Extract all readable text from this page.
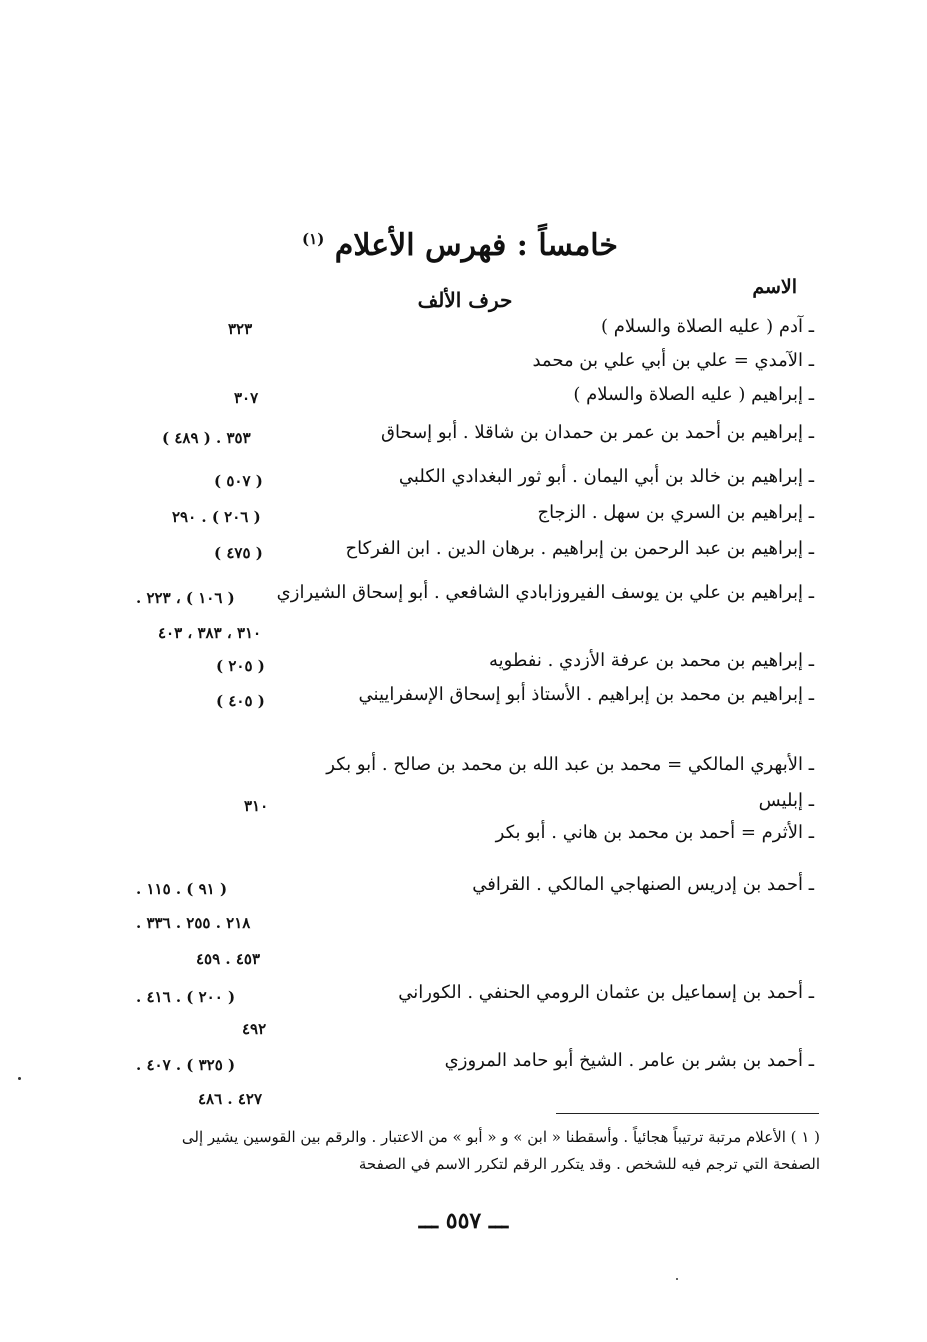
خامساً : فهرس الأعلام $^{(١)}$
الاسم
حرف الألف
ـ آدم ( عليه الصلاة والسلام )
٣٢٣
ـ الآمدي = علي بن أبي علي بن محمد
ـ إبراهيم ( عليه الصلاة والسلام )
٣٠٧
ـ إبراهيم بن أحمد بن عمر بن حمدان بن شاقلا . أبو إسحاق
٣٥٣ . ( ٤٨٩ )
ـ إبراهيم بن خالد بن أبي اليمان . أبو ثور البغدادي الكلبي
( ٥٠٧ )
ـ إبراهيم بن السري بن سهل . الزجاج
( ٢٠٦ ) . ٢٩٠
ـ إبراهيم بن عبد الرحمن بن إبراهيم . برهان الدين . ابن الفركاح
( ٤٧٥ )
ـ إبراهيم بن علي بن يوسف الفيروزابادي الشافعي . أبو إسحاق الشيرازي
( ١٠٦ ) ، ٢٢٣ .
٣١٠ ، ٣٨٣ ، ٤٠٣
ـ إبراهيم بن محمد بن عرفة الأزدي . نفطويه
( ٢٠٥ )
ـ إبراهيم بن محمد بن إبراهيم . الأستاذ أبو إسحاق الإسفراييني
( ٤٠٥ )
ـ الأبهري المالكي = محمد بن عبد الله بن محمد بن صالح . أبو بكر
ـ إبليس
٣١٠
ـ الأثرم = أحمد بن محمد بن هاني . أبو بكر
ـ أحمد بن إدريس الصنهاجي المالكي . القرافي
( ٩١ ) . ١١٥ .
٢١٨ . ٢٥٥ . ٣٣٦ .
٤٥٣ . ٤٥٩
ـ أحمد بن إسماعيل بن عثمان الرومي الحنفي . الكوراني
( ٢٠٠ ) . ٤١٦ .
٤٩٢
ـ أحمد بن بشر بن عامر . الشيخ أبو حامد المروزي
( ٣٢٥ ) . ٤٠٧ .
٤٢٧ . ٤٨٦
( ١ ) الأعلام مرتبة ترتيباً هجائياً . وأسقطنا « ابن » و « أبو » من الاعتبار . والرقم بين القوسين يشير إلى
الصفحة التي ترجم فيه للشخص . وقد يتكرر الرقم لتكرر الاسم في الصفحة
ـــ ٥٥٧ ـــ
